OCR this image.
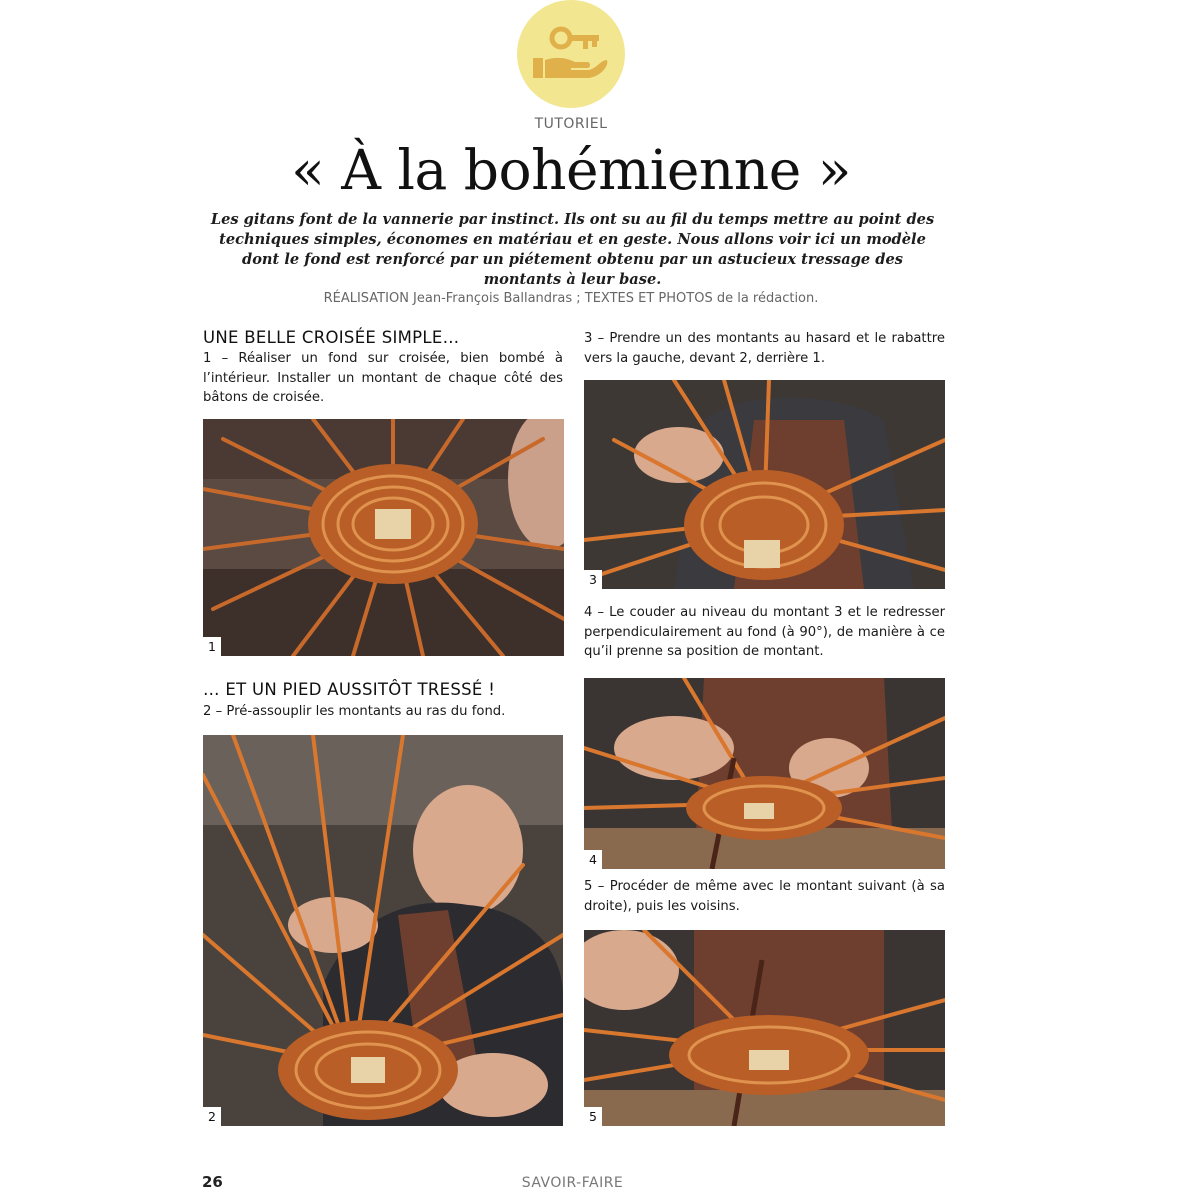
TUTORIEL
« À la bohémienne »
Les gitans font de la vannerie par instinct. Ils ont su au fil du temps mettre au point des techniques simples, économes en matériau et en geste. Nous allons voir ici un modèle dont le fond est renforcé par un piétement obtenu par un astucieux tressage des montants à leur base.
RÉALISATION Jean-François Ballandras ; TEXTES ET PHOTOS de la rédaction.
UNE BELLE CROISÉE SIMPLE…
1 – Réaliser un fond sur croisée, bien bombé à l’intérieur. Installer un montant de chaque côté des bâtons de croisée.
1
… ET UN PIED AUSSITÔT TRESSÉ !
2 – Pré-assouplir les montants au ras du fond.
2
3 – Prendre un des montants au hasard et le rabattre vers la gauche, devant 2, derrière 1.
3
4 – Le couder au niveau du montant 3 et le redresser perpendiculairement au fond (à 90°), de manière à ce qu’il prenne sa position de montant.
4
5 – Procéder de même avec le montant suivant (à sa droite), puis les voisins.
5
26	SAVOIR-FAIRE
